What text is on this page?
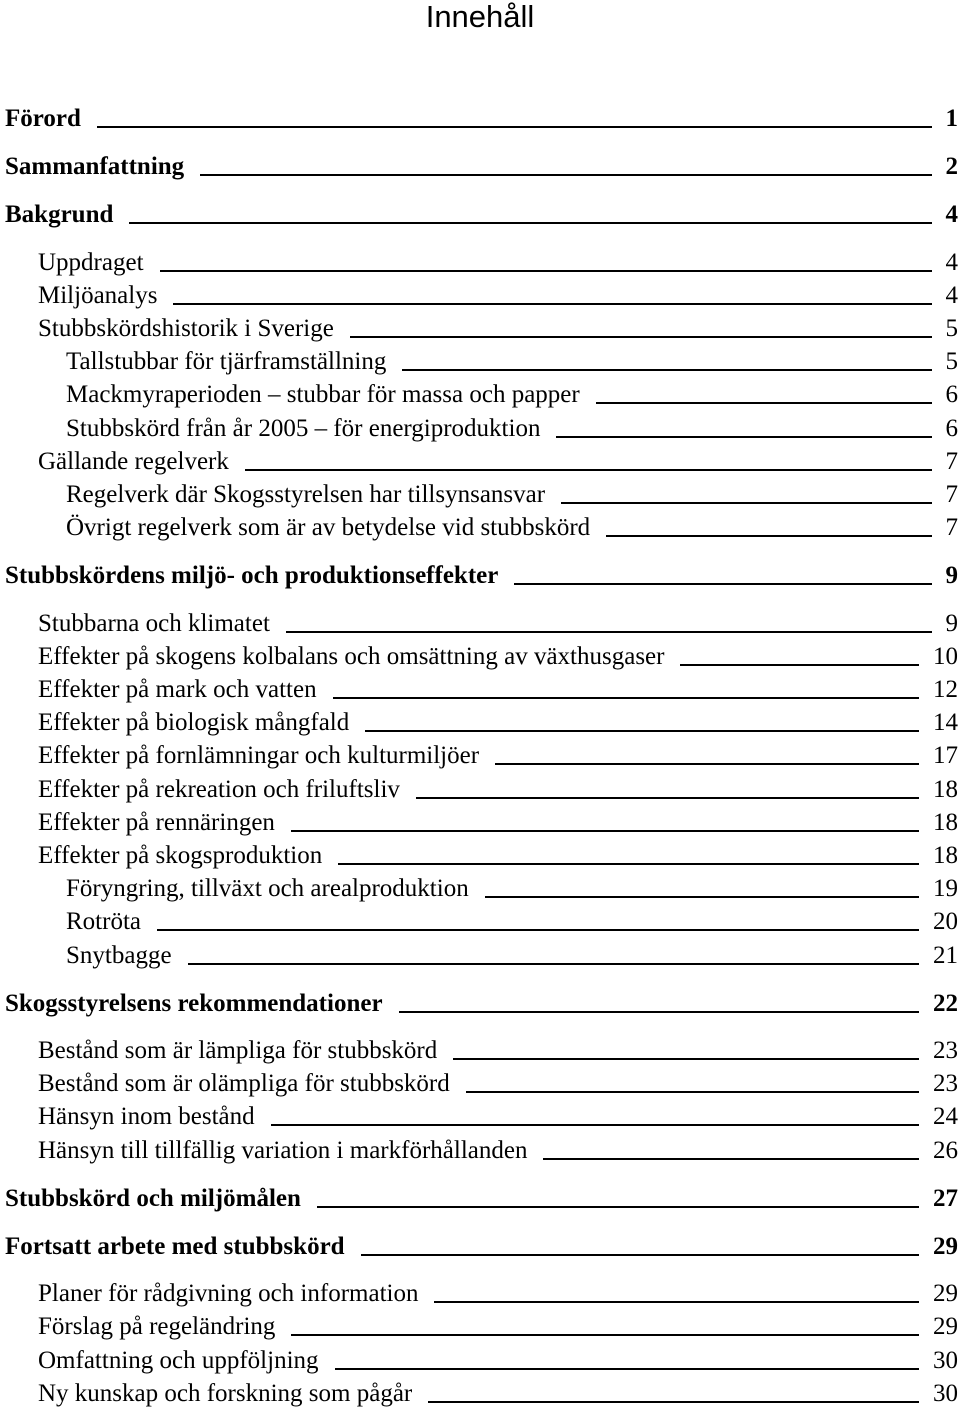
Innehåll
Förord	1
Sammanfattning	2
Bakgrund	4
Uppdraget	4
Miljöanalys	4
Stubbskördshistorik i Sverige	5
Tallstubbar för tjärframställning	5
Mackmyraperioden – stubbar för massa och papper	6
Stubbskörd från år 2005 – för energiproduktion	6
Gällande regelverk	7
Regelverk där Skogsstyrelsen har tillsynsansvar	7
Övrigt regelverk som är av betydelse vid stubbskörd	7
Stubbskördens miljö- och produktionseffekter	9
Stubbarna och klimatet	9
Effekter på skogens kolbalans och omsättning av växthusgaser	10
Effekter på mark och vatten	12
Effekter på biologisk mångfald	14
Effekter på fornlämningar och kulturmiljöer	17
Effekter på rekreation och friluftsliv	18
Effekter på rennäringen	18
Effekter på skogsproduktion	18
Föryngring, tillväxt och arealproduktion	19
Rotröta	20
Snytbagge	21
Skogsstyrelsens rekommendationer	22
Bestånd som är lämpliga för stubbskörd	23
Bestånd som är olämpliga för stubbskörd	23
Hänsyn inom bestånd	24
Hänsyn till tillfällig variation i markförhållanden	26
Stubbskörd och miljömålen	27
Fortsatt arbete med stubbskörd	29
Planer för rådgivning och information	29
Förslag på regeländring	29
Omfattning och uppföljning	30
Ny kunskap och forskning som pågår	30
